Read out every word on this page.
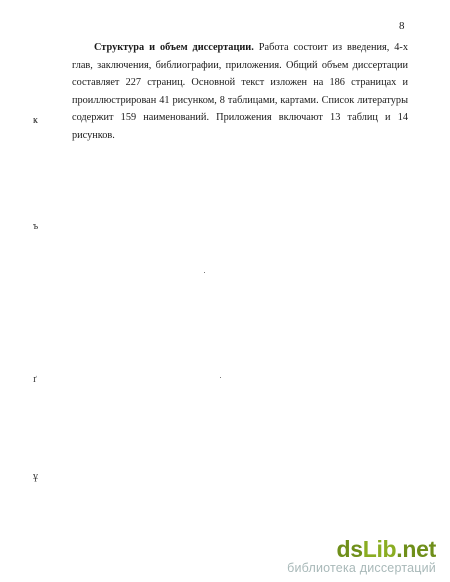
8

Структура и объем диссертации. Работа состоит из введения, 4-х глав, заключения, библиографии, приложения. Общий объем диссертации составляет 227 страниц. Основной текст изложен на 186 страницах и проиллюстрирован 41 рисунком, 8 таблицами, картами. Список литературы содержит 159 наименований. Приложения включают 13 таблиц и 14 рисунков.

ҝ
ъ
ґ
ұ
dsLib.net
библиотека диссертаций
